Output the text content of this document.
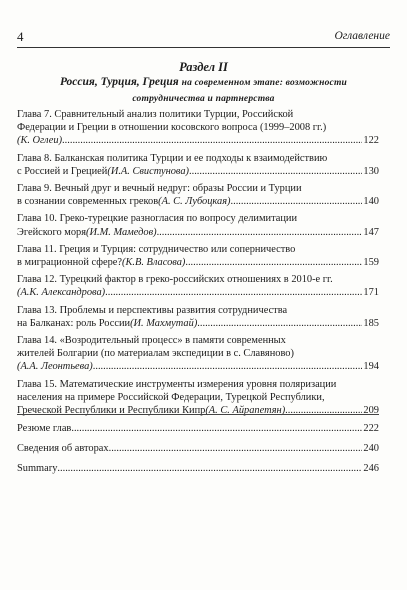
4	Оглавление
Раздел II
Россия, Турция, Греция на современном этапе: возможности
сотрудничества и партнерства
Глава 7. Сравнительный анализ политики Турции, Российской
Федерации и Греции в отношении косовского вопроса (1999–2008 гг.)
(К. Оглеи) .....	122
Глава 8. Балканская политика Турции и ее подходы к взаимодействию
с Россией и Грецией (И.А. Свистунова) .....	130
Глава 9. Вечный друг и вечный недруг: образы России и Турции
в сознании современных греков (А. С. Лубоцкая) .....	140
Глава 10. Греко-турецкие разногласия по вопросу делимитации
Эгейского моря (И.М. Мамедов) .....	147
Глава 11. Греция и Турция: сотрудничество или соперничество
в миграционной сфере? (К.В. Власова) .....	159
Глава 12. Турецкий фактор в греко-российских отношениях в 2010-е гг.
(А.К. Александрова) .....	171
Глава 13. Проблемы и перспективы развития сотрудничества
на Балканах: роль России (И. Махмутай) .....	185
Глава 14. «Возродительный процесс» в памяти современных
жителей Болгарии (по материалам экспедиции в с. Славяново)
(А.А. Леонтьева) .....	194
Глава 15. Математические инструменты измерения уровня поляризации
населения на примере Российской Федерации, Турецкой Республики,
Греческой Республики и Республики Кипр (А. С. Айрапетян) .....	209
Резюме глав .....	222
Сведения об авторах .....	240
Summary .....	246
